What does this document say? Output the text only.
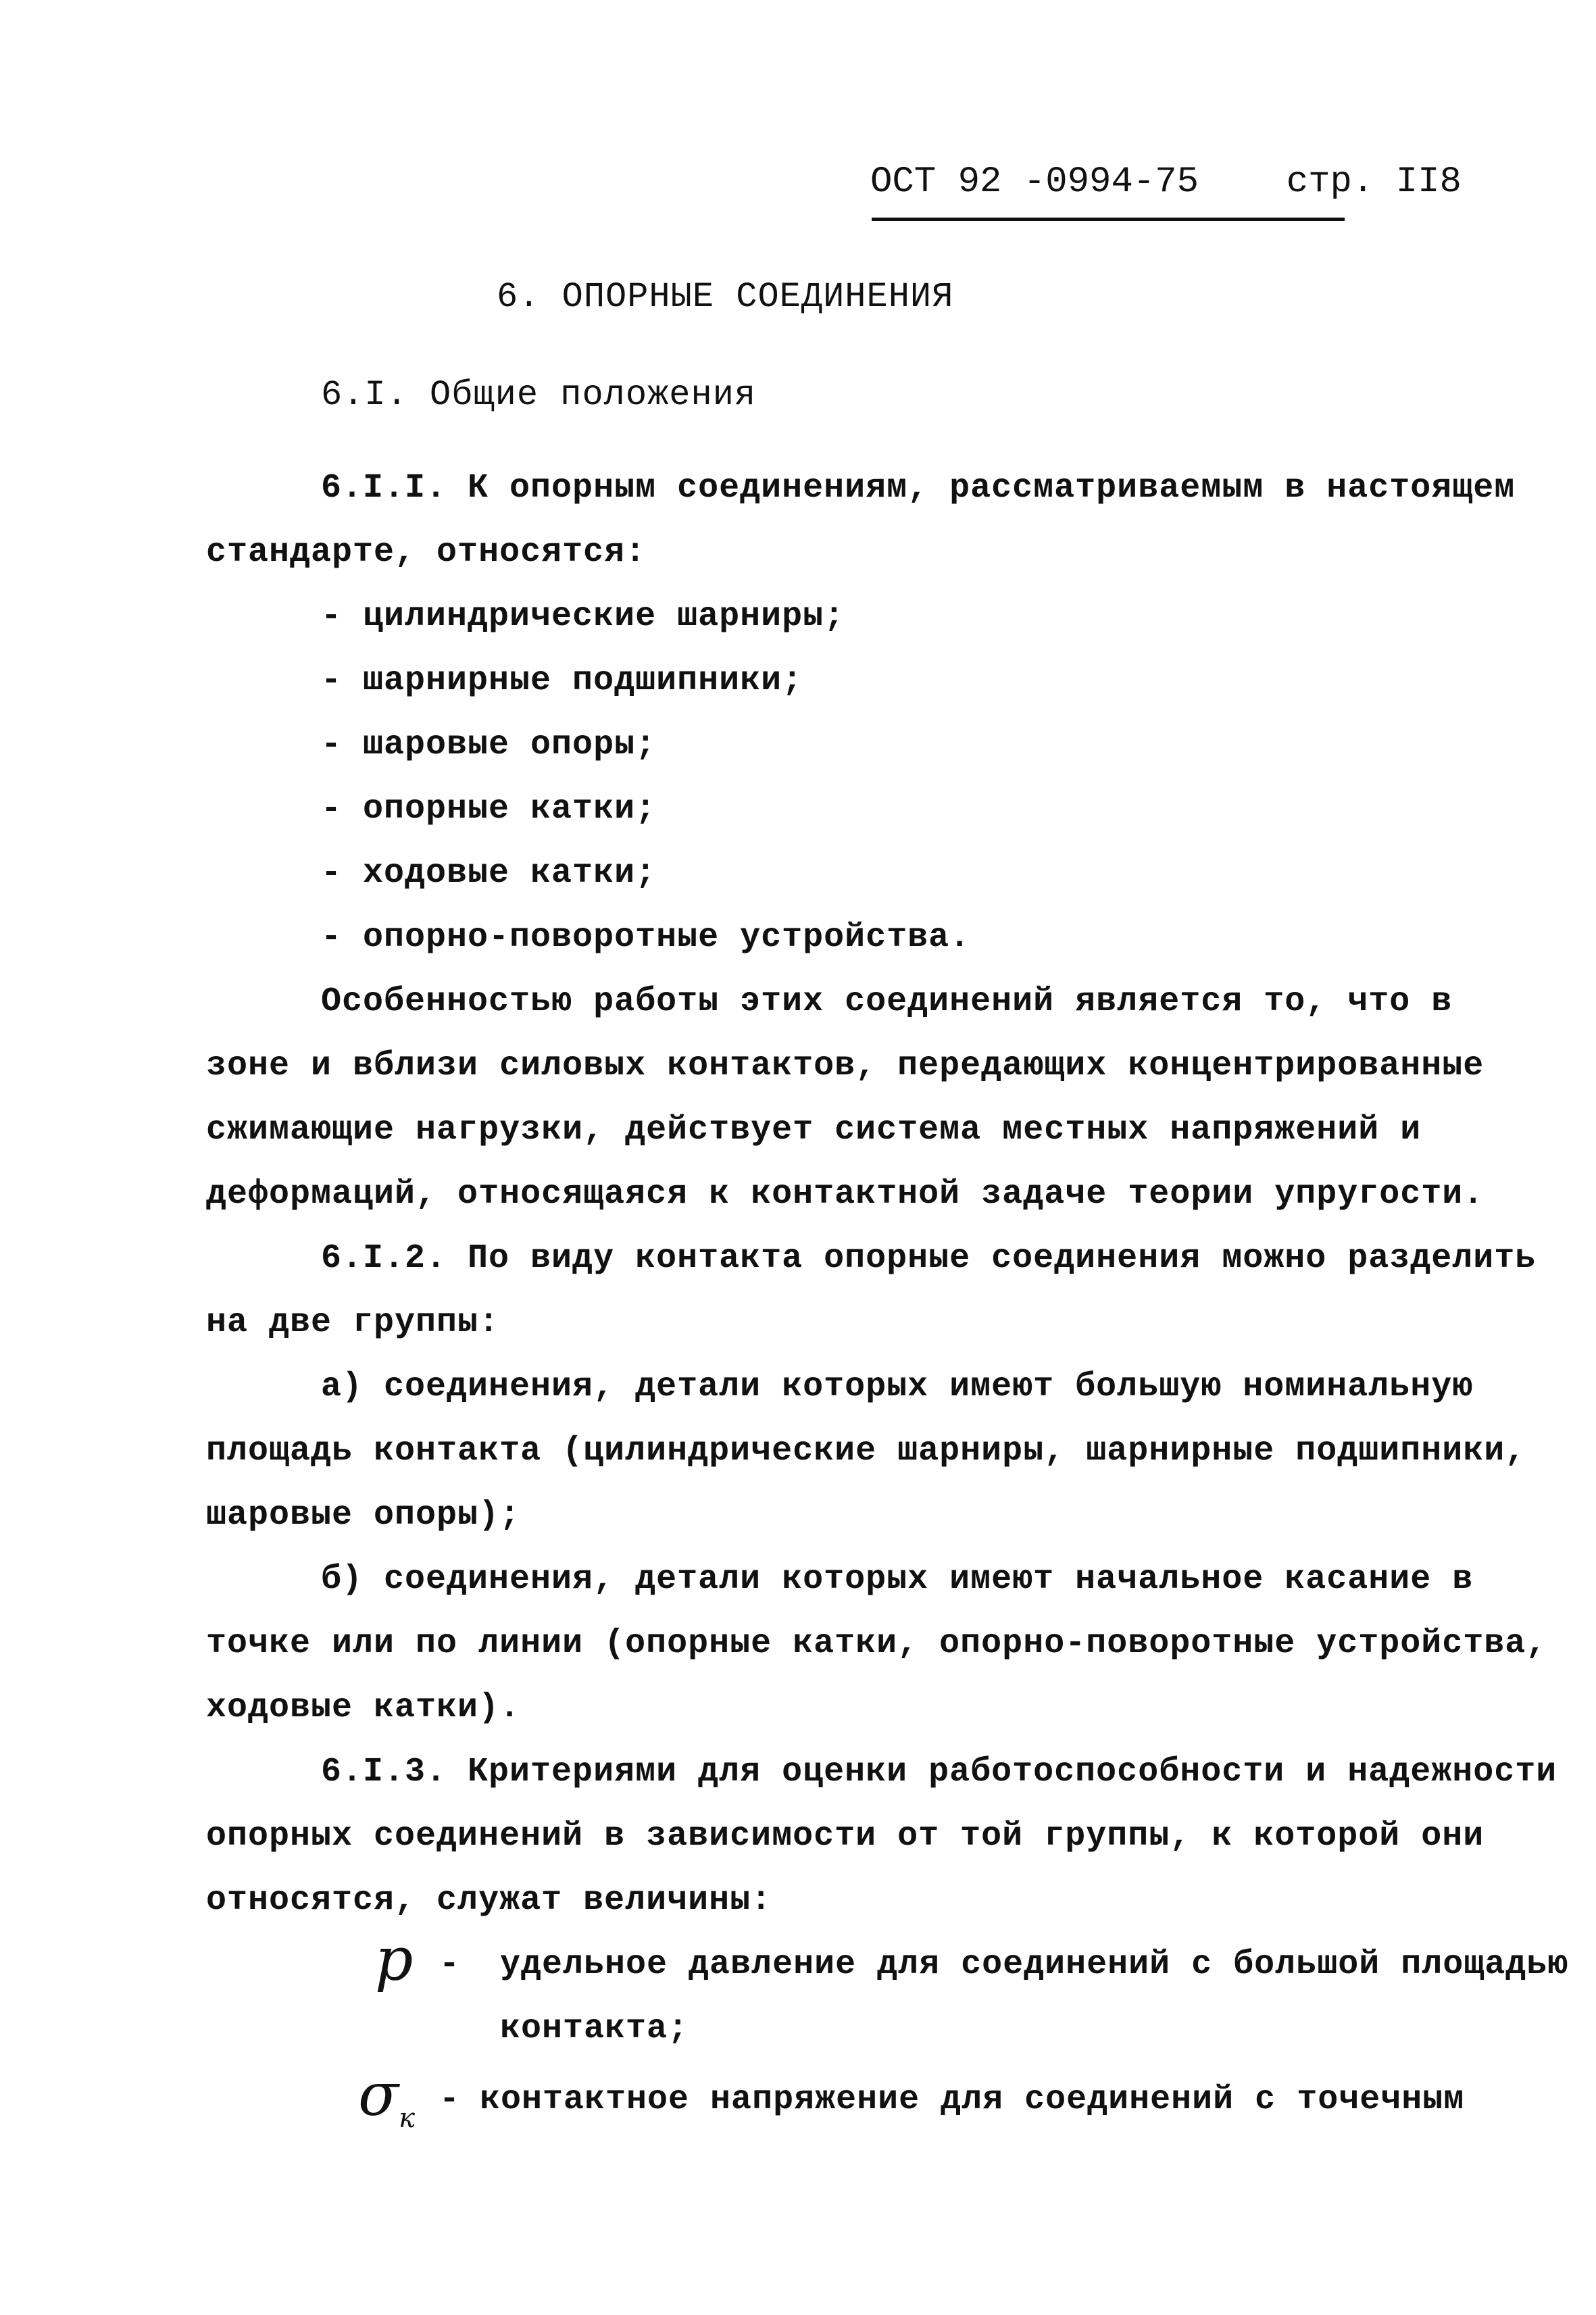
ОСТ 92 -0994-75 стр. II8
6. ОПОРНЫЕ СОЕДИНЕНИЯ
6.I. Общие положения
6.I.I. К опорным соединениям, рассматриваемым в настоящем
стандарте, относятся:
- цилиндрические шарниры;
- шарнирные подшипники;
- шаровые опоры;
- опорные катки;
- ходовые катки;
- опорно-поворотные устройства.
Особенностью работы этих соединений является то, что в
зоне и вблизи силовых контактов, передающих концентрированные
сжимающие нагрузки, действует система местных напряжений и
деформаций, относящаяся к контактной задаче теории упругости.
6.I.2. По виду контакта опорные соединения можно разделить
на две группы:
а) соединения, детали которых имеют большую номинальную
площадь контакта (цилиндрические шарниры, шарнирные подшипники,
шаровые опоры);
б) соединения, детали которых имеют начальное касание в
точке или по линии (опорные катки, опорно-поворотные устройства,
ходовые катки).
6.I.3. Критериями для оценки работоспособности и надежности
опорных соединений в зависимости от той группы, к которой они
относятся, служат величины:
p - удельное давление для соединений с большой площадью
контакта;
$\sigma_к$ - контактное напряжение для соединений с точечным
